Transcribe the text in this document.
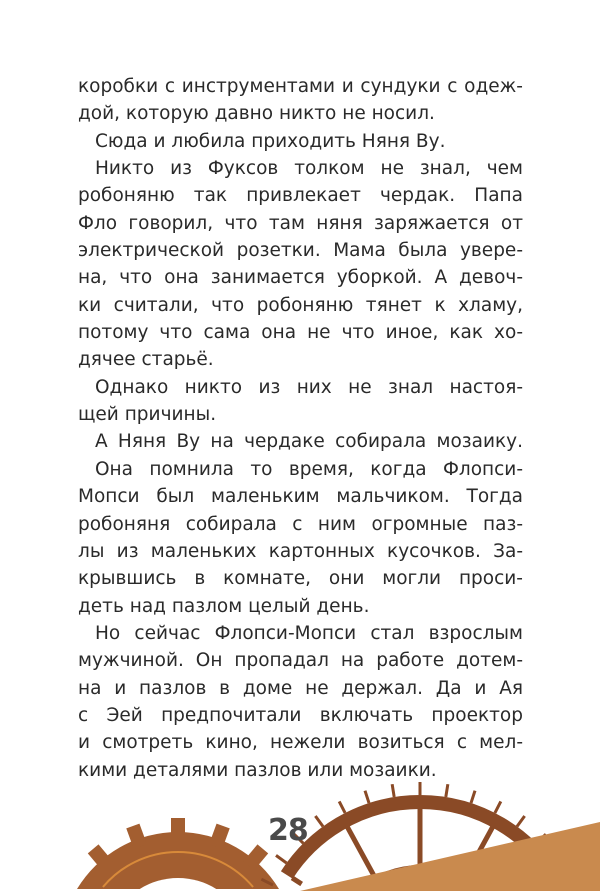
коробки с инструментами и сундуки с одеж-
дой, которую давно никто не носил.
Сюда и любила приходить Няня Ву.
Никто из Фуксов толком не знал, чем
робоняню так привлекает чердак. Папа
Фло говорил, что там няня заряжается от
электрической розетки. Мама была увере-
на, что она занимается уборкой. А девоч-
ки считали, что робоняню тянет к хламу,
потому что сама она не что иное, как хо-
дячее старьё.
Однако никто из них не знал настоя-
щей причины.
А Няня Ву на чердаке собирала мозаику.
Она помнила то время, когда Флопси-
Мопси был маленьким мальчиком. Тогда
робоняня собирала с ним огромные паз-
лы из маленьких картонных кусочков. За-
крывшись в комнате, они могли проси-
деть над пазлом целый день.
Но сейчас Флопси-Мопси стал взрослым
мужчиной. Он пропадал на работе дотем-
на и пазлов в доме не держал. Да и Ая
с Эей предпочитали включать проектор
и смотреть кино, нежели возиться с мел-
кими деталями пазлов или мозаики.
28
